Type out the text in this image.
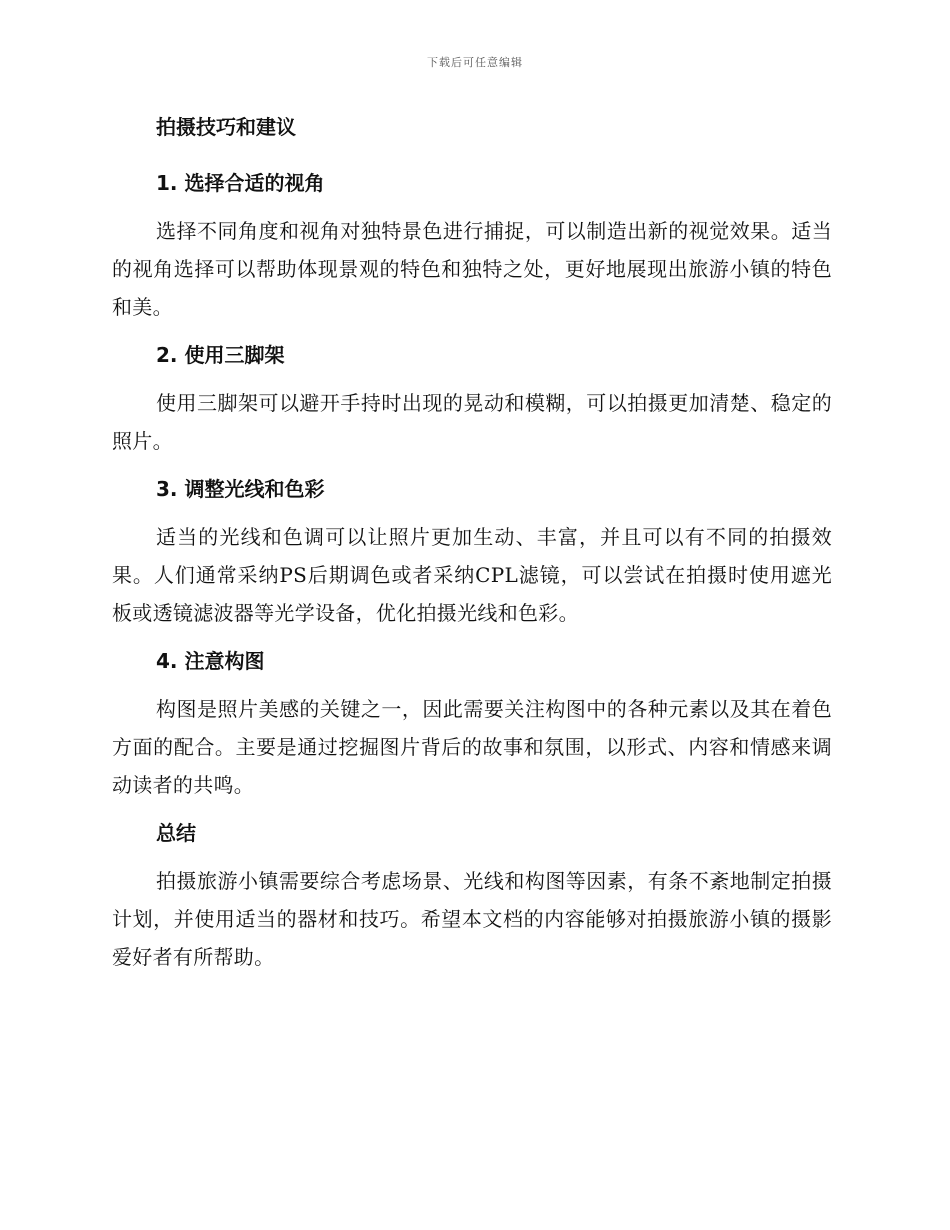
下载后可任意编辑
拍摄技巧和建议
1. 选择合适的视角

选择不同角度和视角对独特景色进行捕捉，可以制造出新的视觉效果。适当的视角选择可以帮助体现景观的特色和独特之处，更好地展现出旅游小镇的特色和美。

2. 使用三脚架

使用三脚架可以避开手持时出现的晃动和模糊，可以拍摄更加清楚、稳定的照片。

3. 调整光线和色彩

适当的光线和色调可以让照片更加生动、丰富，并且可以有不同的拍摄效果。人们通常采纳PS后期调色或者采纳CPL滤镜，可以尝试在拍摄时使用遮光板或透镜滤波器等光学设备，优化拍摄光线和色彩。

4. 注意构图

构图是照片美感的关键之一，因此需要关注构图中的各种元素以及其在着色方面的配合。主要是通过挖掘图片背后的故事和氛围，以形式、内容和情感来调动读者的共鸣。

总结

拍摄旅游小镇需要综合考虑场景、光线和构图等因素，有条不紊地制定拍摄计划，并使用适当的器材和技巧。希望本文档的内容能够对拍摄旅游小镇的摄影爱好者有所帮助。
